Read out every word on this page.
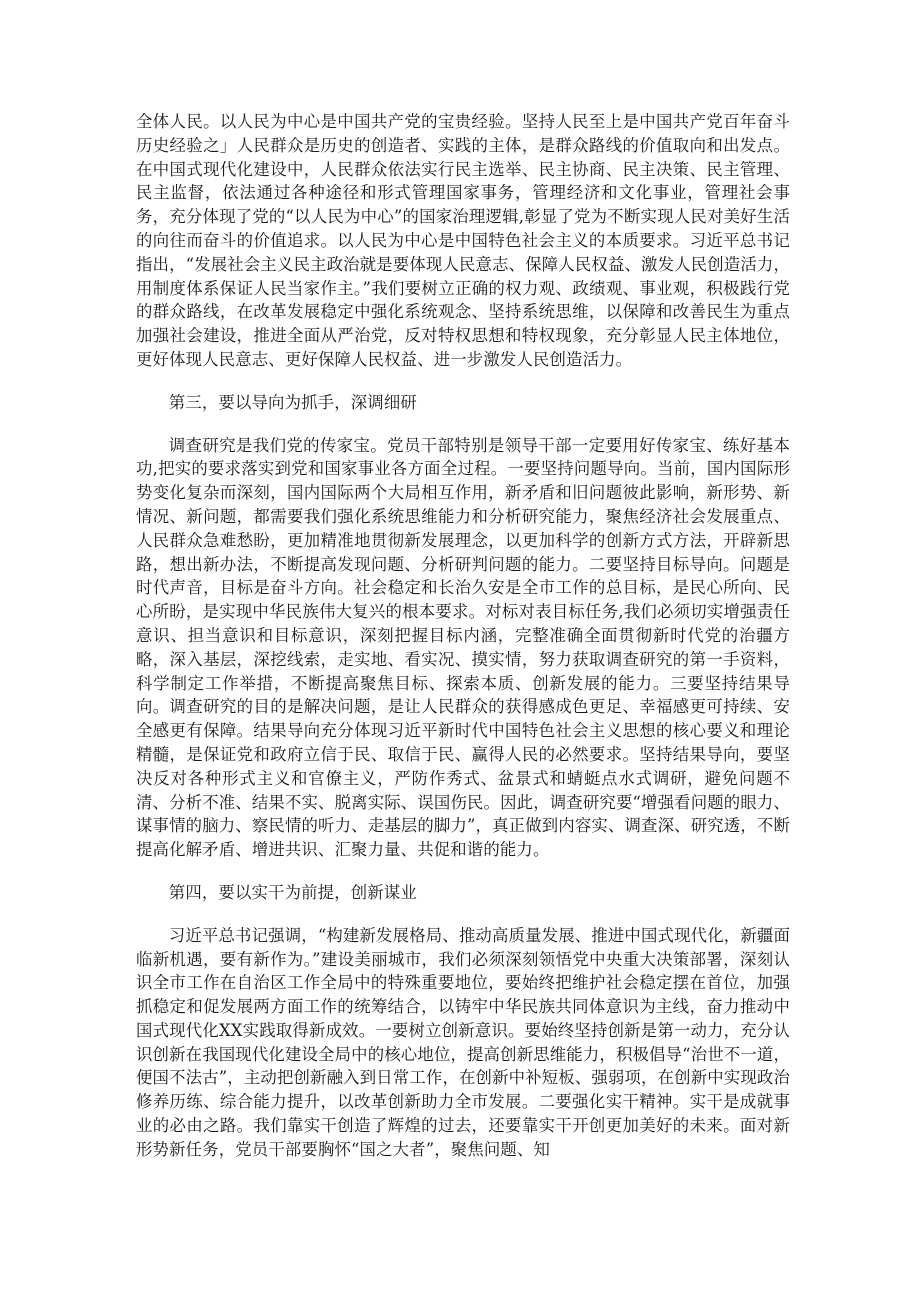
全体人民。以人民为中心是中国共产党的宝贵经验。坚持人民至上是中国共产党百年奋斗历史经验之」人民群众是历史的创造者、实践的主体，是群众路线的价值取向和出发点。在中国式现代化建设中，人民群众依法实行民主选举、民主协商、民主决策、民主管理、民主监督，依法通过各种途径和形式管理国家事务，管理经济和文化事业，管理社会事务，充分体现了党的“以人民为中心”的国家治理逻辑,彰显了党为不断实现人民对美好生活的向往而奋斗的价值追求。以人民为中心是中国特色社会主义的本质要求。习近平总书记指出，“发展社会主义民主政治就是要体现人民意志、保障人民权益、激发人民创造活力，用制度体系保证人民当家作主。”我们要树立正确的权力观、政绩观、事业观，积极践行党的群众路线，在改革发展稳定中强化系统观念、坚持系统思维，以保障和改善民生为重点加强社会建设，推进全面从严治党，反对特权思想和特权现象，充分彰显人民主体地位，更好体现人民意志、更好保障人民权益、进一步激发人民创造活力。

第三，要以导向为抓手，深调细研

调查研究是我们党的传家宝。党员干部特别是领导干部一定要用好传家宝、练好基本功,把实的要求落实到党和国家事业各方面全过程。一要坚持问题导向。当前，国内国际形势变化复杂而深刻，国内国际两个大局相互作用，新矛盾和旧问题彼此影响，新形势、新情况、新问题，都需要我们强化系统思维能力和分析研究能力，聚焦经济社会发展重点、人民群众急难愁盼，更加精准地贯彻新发展理念，以更加科学的创新方式方法，开辟新思路，想出新办法，不断提高发现问题、分析研判问题的能力。二要坚持目标导向。问题是时代声音，目标是奋斗方向。社会稳定和长治久安是全市工作的总目标，是民心所向、民心所盼，是实现中华民族伟大复兴的根本要求。对标对表目标任务,我们必须切实增强责任意识、担当意识和目标意识，深刻把握目标内涵，完整准确全面贯彻新时代党的治疆方略，深入基层，深挖线索，走实地、看实况、摸实情，努力获取调查研究的第一手资料，科学制定工作举措，不断提高聚焦目标、探索本质、创新发展的能力。三要坚持结果导向。调查研究的目的是解决问题，是让人民群众的获得感成色更足、幸福感更可持续、安全感更有保障。结果导向充分体现习近平新时代中国特色社会主义思想的核心要义和理论精髓，是保证党和政府立信于民、取信于民、赢得人民的必然要求。坚持结果导向，要坚决反对各种形式主义和官僚主义，严防作秀式、盆景式和蜻蜓点水式调研，避免问题不清、分析不准、结果不实、脱离实际、误国伤民。因此，调查研究要“增强看问题的眼力、谋事情的脑力、察民情的听力、走基层的脚力”，真正做到内容实、调查深、研究透，不断提高化解矛盾、增进共识、汇聚力量、共促和谐的能力。

第四，要以实干为前提，创新谋业

习近平总书记强调，“构建新发展格局、推动高质量发展、推进中国式现代化，新疆面临新机遇，要有新作为。”建设美丽城市，我们必须深刻领悟党中央重大决策部署，深刻认识全市工作在自治区工作全局中的特殊重要地位，要始终把维护社会稳定摆在首位，加强抓稳定和促发展两方面工作的统筹结合，以铸牢中华民族共同体意识为主线，奋力推动中国式现代化XX实践取得新成效。一要树立创新意识。要始终坚持创新是第一动力，充分认识创新在我国现代化建设全局中的核心地位，提高创新思维能力，积极倡导“治世不一道，便国不法古”，主动把创新融入到日常工作，在创新中补短板、强弱项，在创新中实现政治修养历练、综合能力提升，以改革创新助力全市发展。二要强化实干精神。实干是成就事业的必由之路。我们靠实干创造了辉煌的过去，还要靠实干开创更加美好的未来。面对新形势新任务，党员干部要胸怀“国之大者”，聚焦问题、知
